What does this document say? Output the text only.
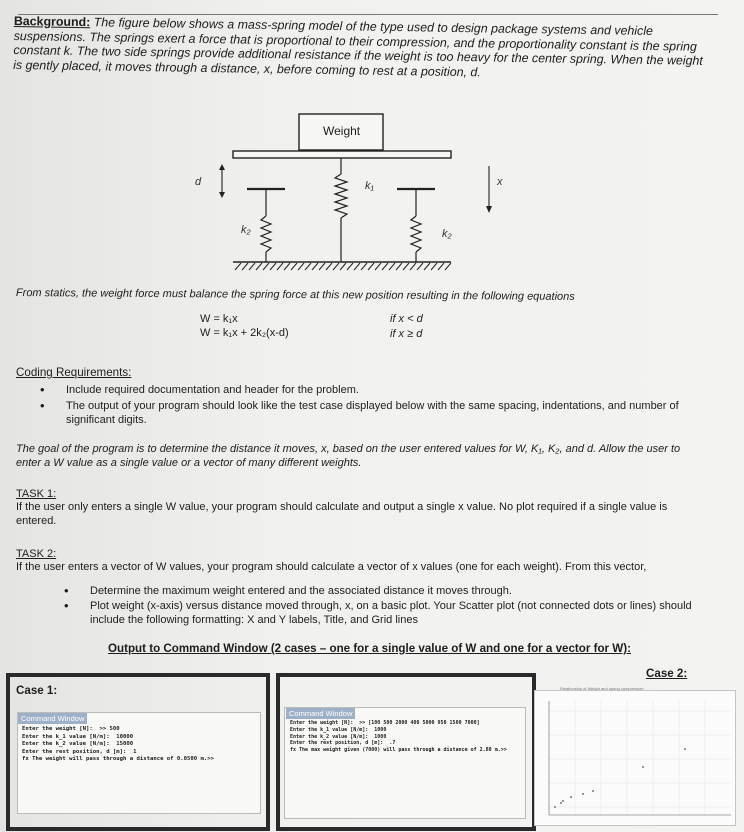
Background: The figure below shows a mass-spring model of the type used to design package systems and vehicle suspensions. The springs exert a force that is proportional to their compression, and the proportionality constant is the spring constant k. The two side springs provide additional resistance if the weight is too heavy for the center spring. When the weight is gently placed, it moves through a distance, x, before coming to rest at a position, d.

Weight
d	k₁
k₂	k₂
x
From statics, the weight force must balance the spring force at this new position resulting in the following equations
W = k₁x	if x < d
W = k₁x + 2k₂(x-d)	if x ≥ d
Coding Requirements:
• Include required documentation and header for the problem.
• The output of your program should look like the test case displayed below with the same spacing, indentations, and number of significant digits.
The goal of the program is to determine the distance it moves, x, based on the user entered values for W, K₁, K₂, and d. Allow the user to enter a W value as a single value or a vector of many different weights.
TASK 1:
If the user only enters a single W value, your program should calculate and output a single x value. No plot required if a single value is entered.
TASK 2:
If the user enters a vector of W values, your program should calculate a vector of x values (one for each weight). From this vector,
• Determine the maximum weight entered and the associated distance it moves through.
• Plot weight (x-axis) versus distance moved through, x, on a basic plot. Your Scatter plot (not connected dots or lines) should include the following formatting: X and Y labels, Title, and Grid lines
Output to Command Window (2 cases – one for a single value of W and one for a vector for W):
Case 1:
Command Window
Enter the weight [N]:  >> 500
Enter the k_1 value [N/m]:  10000
Enter the k_2 value [N/m]:  15000
Enter the rest position, d [m]:  1
fx The weight will pass through a distance of 0.0500 m.>>
Case 2:
Command Window
Enter the weight [N]:  >> [100 500 2000 400 5000 950 1500 7000]
Enter the k_1 value [N/m]:  1000
Enter the k_2 value [N/m]:  1000
Enter the rest position, d [m]:  .7
fx The max weight given (7000) will pass through a distance of 2.80 m.>>
Relationship of Weight and spring compression
